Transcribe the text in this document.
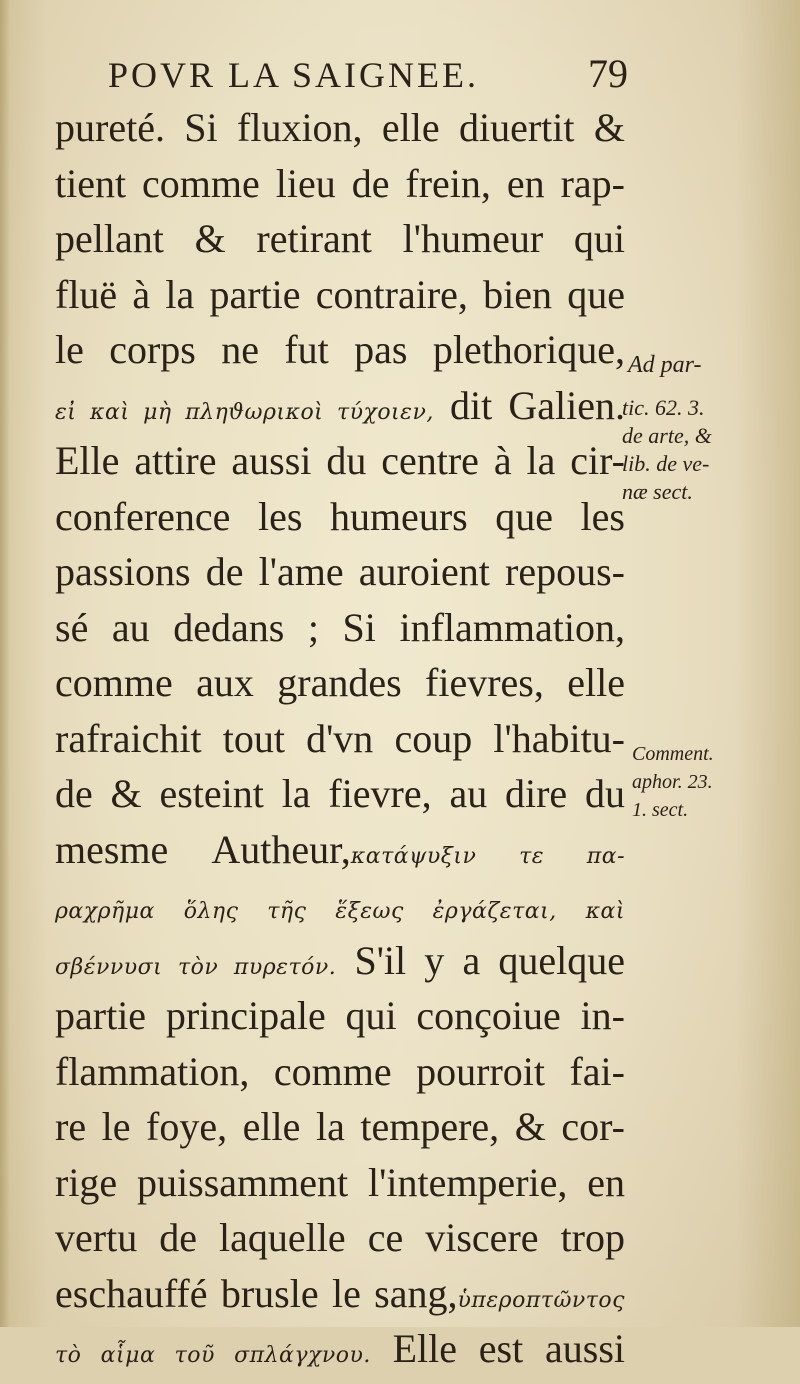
POVR LA SAIGNEE.	79
pureté. Si fluxion, elle diuertit &
tient comme lieu de frein, en rap-
pellant & retirant l'humeur qui
fluë à la partie contraire, bien que
le corps ne fut pas plethorique,
εἰ καὶ μὴ πληϑωρικοὶ τύχοιεν, dit Galien.
Elle attire aussi du centre à la cir-
conference les humeurs que les
passions de l'ame auroient repous-
sé au dedans ; Si inflammation,
comme aux grandes fievres, elle
rafraichit tout d'vn coup l'habitu-
de & esteint la fievre, au dire du
mesme Autheur,κατάψυξιν τε πα-
ραχρῆμα ὅλης τῆς ἕξεως ἐργάζεται, καὶ
σβέννυσι τὸν πυρετόν. S'il y a quelque
partie principale qui conçoiue in-
flammation, comme pourroit fai-
re le foye, elle la tempere, & cor-
rige puissamment l'intemperie, en
vertu de laquelle ce viscere trop
eschauffé brusle le sang,ὑπεροπτῶντος
τὸ αἷμα τοῦ σπλάγχνου. Elle est aussi
Ad par-
tic. 62. 3.
de arte, &
lib. de ve-
næ sect.
Comment.
aphor. 23.
1. sect.
